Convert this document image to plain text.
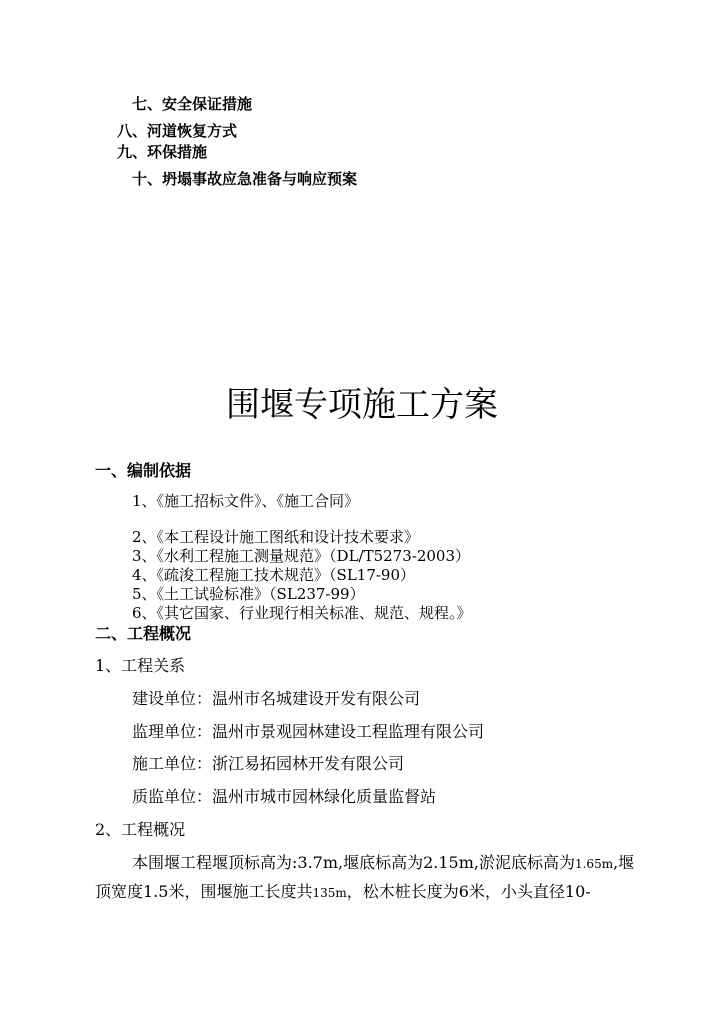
七、安全保证措施
八、河道恢复方式
九、环保措施
十、坍塌事故应急准备与响应预案
围堰专项施工方案
一、编制依据
1、《施工招标文件》、《施工合同》
2、《本工程设计施工图纸和设计技术要求》
3、《水利工程施工测量规范》（DL/T5273-2003）
4、《疏浚工程施工技术规范》（SL17-90）
5、《土工试验标准》（SL237-99）
6、《其它国家、行业现行相关标准、规范、规程。》
二、工程概况
1、工程关系
建设单位：温州市名城建设开发有限公司
监理单位：温州市景观园林建设工程监理有限公司
施工单位：浙江易拓园林开发有限公司
质监单位：温州市城市园林绿化质量监督站
2、工程概况
本围堰工程堰顶标高为:3.7m,堰底标高为2.15m,淤泥底标高为1.65m,堰
顶宽度1.5米，围堰施工长度共135m，松木桩长度为6米，小头直径10-
